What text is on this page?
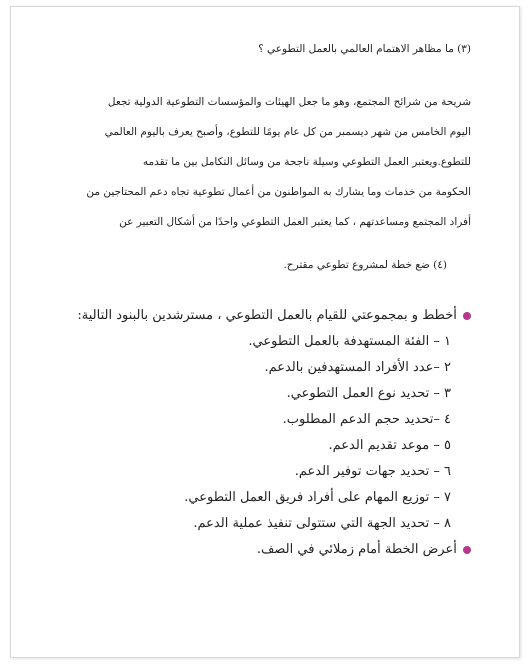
(٣) ما مظاهر الاهتمام العالمي بالعمل التطوعي ؟

شريحة من شرائح المجتمع، وهو ما جعل الهيئات والمؤسسات التطوعية الدولية تجعل

اليوم الخامس من شهر ديسمبر من كل عام يومًا للتطوع، وأصبح يعرف باليوم العالمي

للتطوع.ويعتبر العمل التطوعي وسيلة ناجحة من وسائل التكامل بين ما تقدمه

الحكومة من خدمات وما يشارك به المواطنون من أعمال تطوعية تجاه دعم المحتاجين من

أفراد المجتمع ومساعدتهم ، كما يعتبر العمل التطوعي واحدًا من أشكال التعبير عن

(٤) ضع خطة لمشروع تطوعي مقترح.

أخطط و بمجموعتي للقيام بالعمل التطوعي ، مسترشدين بالبنود التالية:
١ – الفئة المستهدفة بالعمل التطوعي.
٢ –عدد الأفراد المستهدفين بالدعم.
٣ – تحديد نوع العمل التطوعي.
٤ –تحديد حجم الدعم المطلوب.
٥ – موعد تقديم الدعم.
٦ – تحديد جهات توفير الدعم.
٧ – توزيع المهام على أفراد فريق العمل التطوعي.
٨ – تحديد الجهة التي ستتولى تنفيذ عملية الدعم.
أعرض الخطة أمام زملائي في الصف.
